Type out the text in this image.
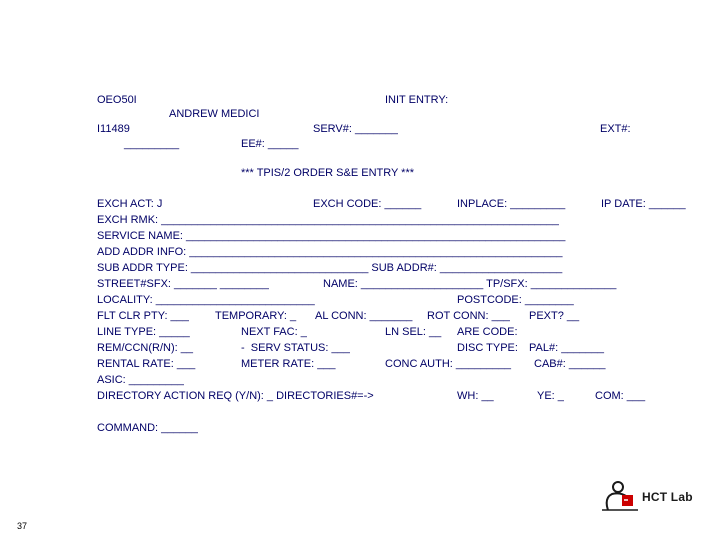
OEO50I	INIT ENTRY:
ANDREW MEDICI
I11489	SERV#: _______	EXT#:
_________	EE#: _____
*** TPIS/2 ORDER S&E ENTRY ***
EXCH ACT: J	EXCH CODE: ______	INPLACE: _________	IP DATE: ______
EXCH RMK: _________________________________________________________________
SERVICE NAME: ______________________________________________________________
ADD ADDR INFO: _____________________________________________________________
SUB ADDR TYPE: _____________________________ SUB ADDR#: ____________________
STREET#SFX: _______ ________	NAME: ____________________ TP/SFX: ______________
LOCALITY: __________________________	POSTCODE: ________
FLT CLR PTY: ___ TEMPORARY: _ AL CONN: _______ ROT CONN: ___ PEXT? __
LINE TYPE: _____	NEXT FAC: _	LN SEL: __ ARE CODE:
REM/CCN(R/N): __	-  SERV STATUS: ___	DISC TYPE: PAL#: _______
RENTAL RATE: ___	METER RATE: ___	CONC AUTH: _________ CAB#: ______
ASIC: _________
DIRECTORY ACTION REQ (Y/N): _ DIRECTORIES#=->	WH: __	YE: _	COM: ___
COMMAND: ______
HCT Lab
37
